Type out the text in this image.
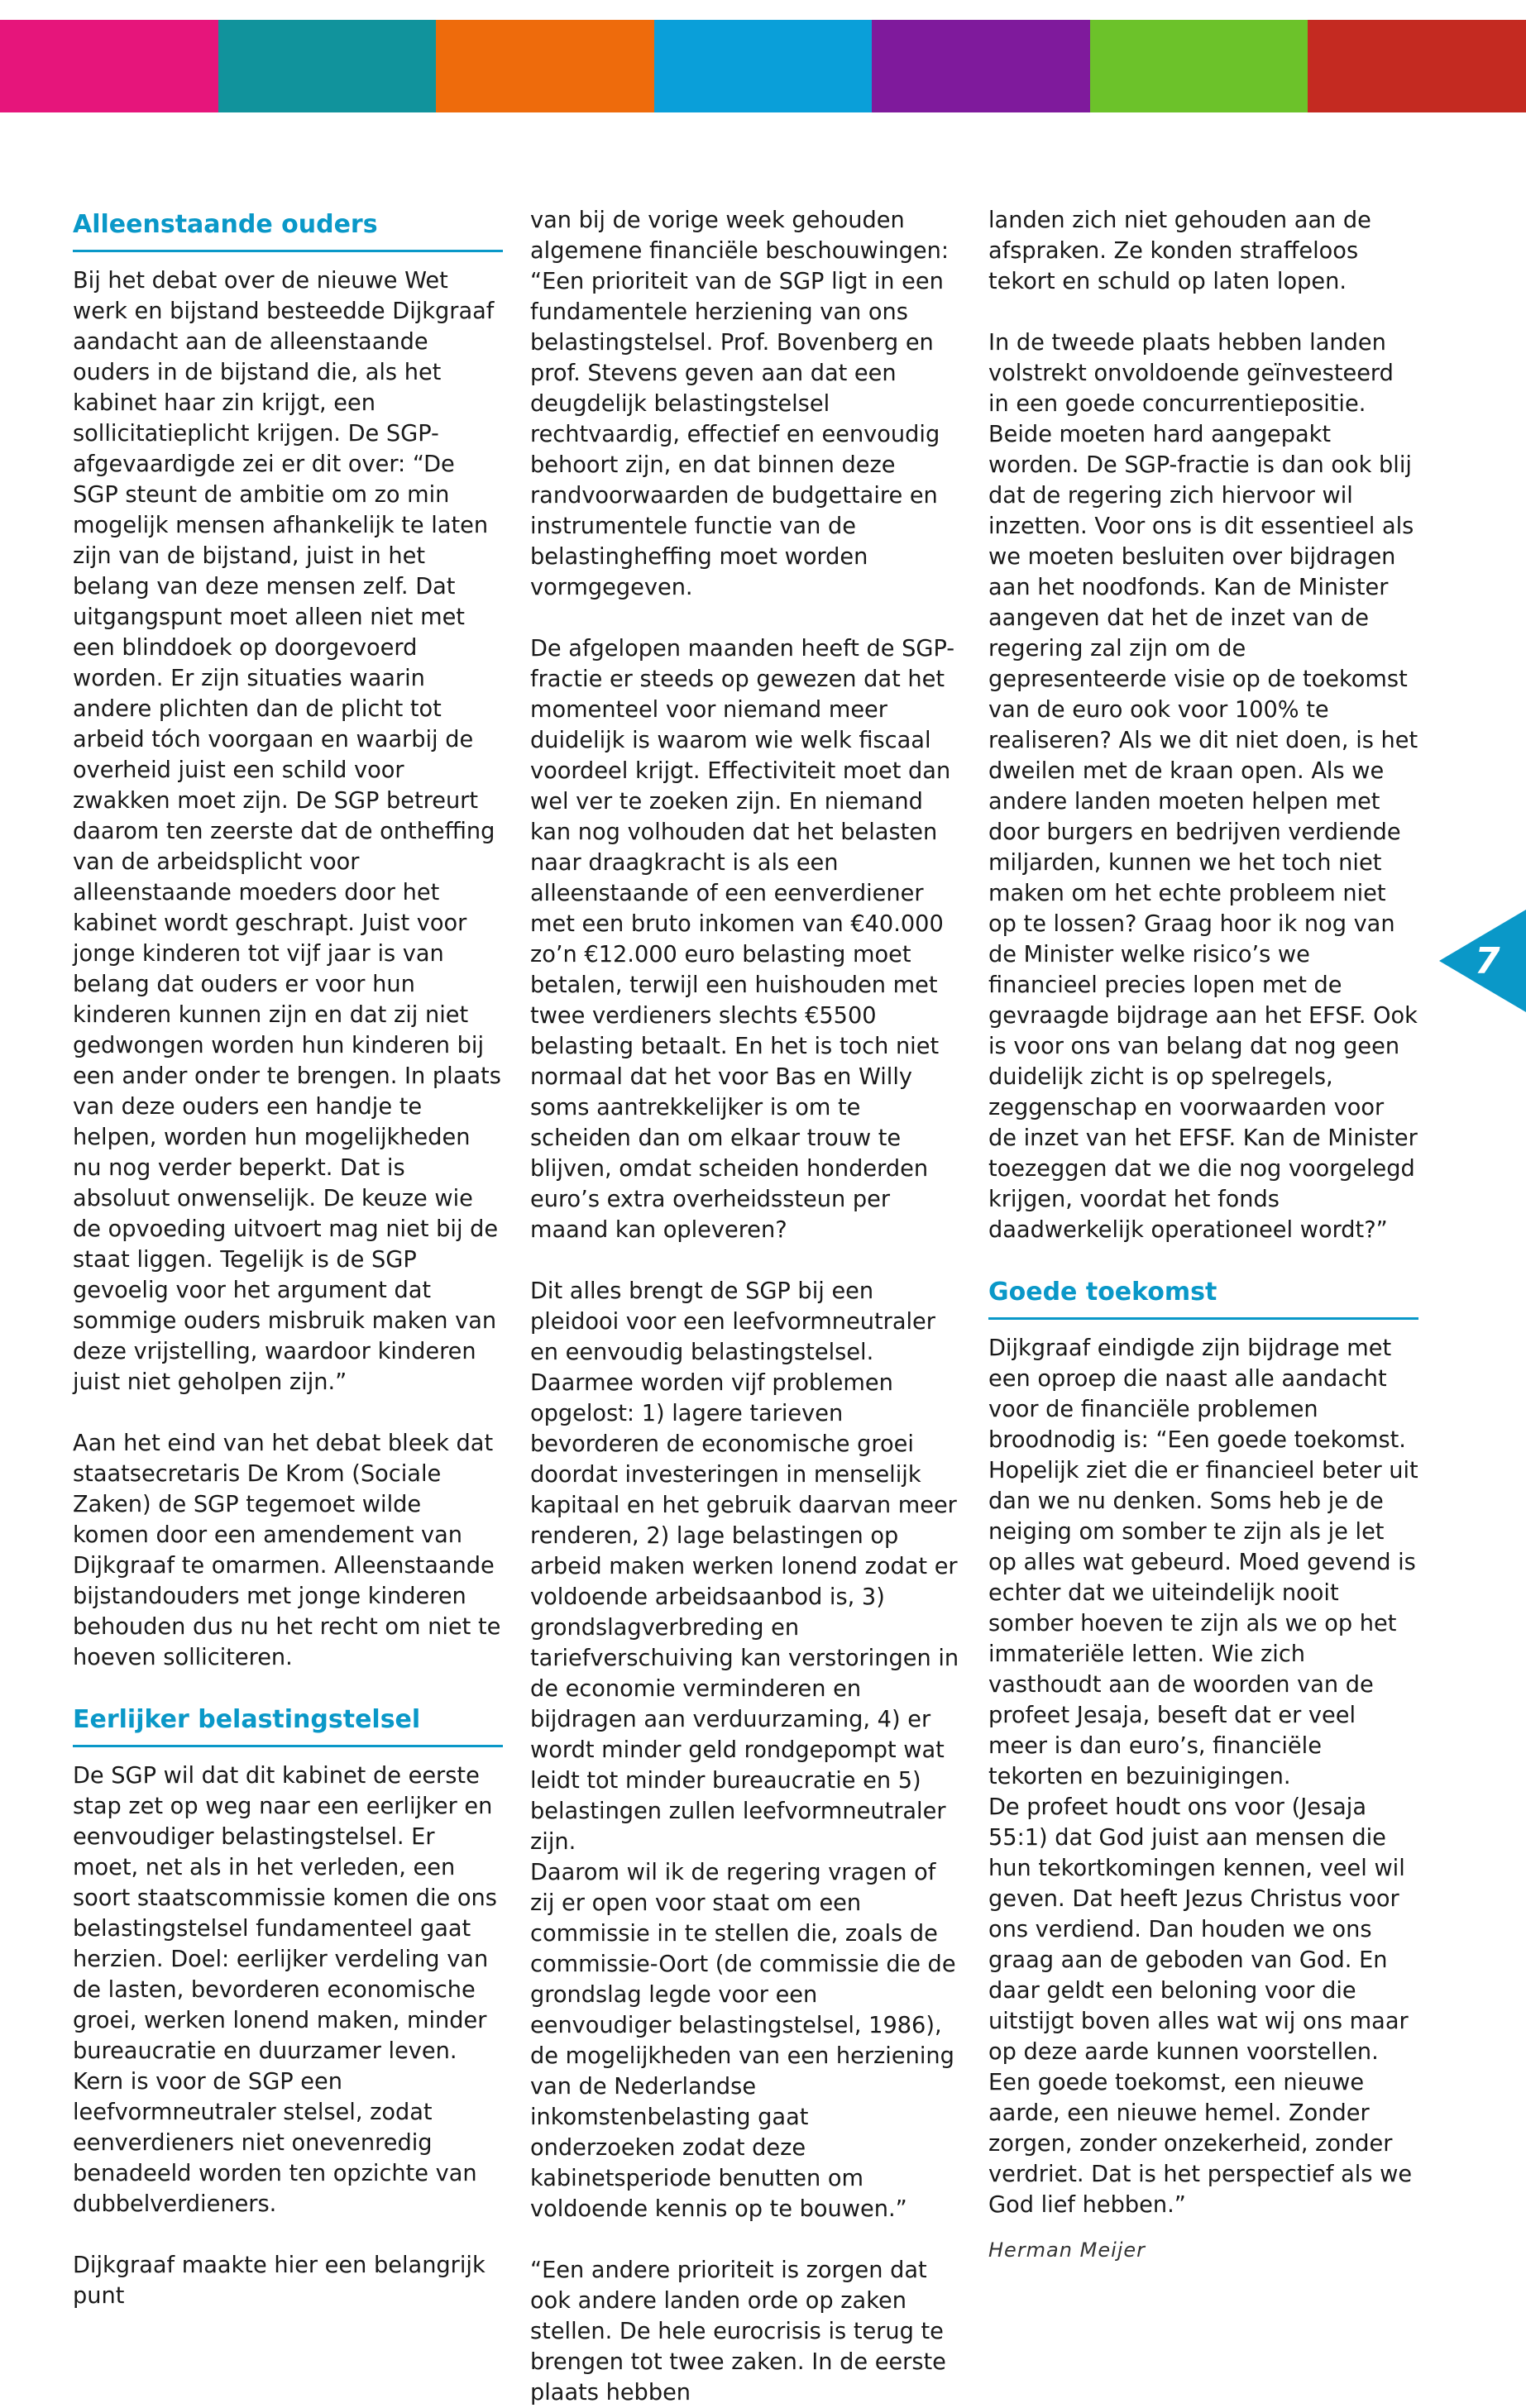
Alleenstaande ouders

Bij het debat over de nieuwe Wet werk en bijstand besteedde Dijkgraaf aandacht aan de alleenstaande ouders in de bijstand die, als het kabinet haar zin krijgt, een sollicitatieplicht krijgen. De SGP-afgevaardigde zei er dit over: “De SGP steunt de ambitie om zo min mogelijk mensen afhankelijk te laten zijn van de bijstand, juist in het belang van deze mensen zelf. Dat uitgangspunt moet alleen niet met een blinddoek op doorgevoerd worden. Er zijn situaties waarin andere plichten dan de plicht tot arbeid tóch voorgaan en waarbij de overheid juist een schild voor zwakken moet zijn. De SGP betreurt daarom ten zeerste dat de ontheffing van de arbeidsplicht voor alleenstaande moeders door het kabinet wordt geschrapt. Juist voor jonge kinderen tot vijf jaar is van belang dat ouders er voor hun kinderen kunnen zijn en dat zij niet gedwongen worden hun kinderen bij een ander onder te brengen. In plaats van deze ouders een handje te helpen, worden hun mogelijkheden nu nog verder beperkt. Dat is absoluut onwenselijk. De keuze wie de opvoeding uitvoert mag niet bij de staat liggen. Tegelijk is de SGP gevoelig voor het argument dat sommige ouders misbruik maken van deze vrijstelling, waardoor kinderen juist niet geholpen zijn.”

Aan het eind van het debat bleek dat staatsecretaris De Krom (Sociale Zaken) de SGP tegemoet wilde komen door een amendement van Dijkgraaf te omarmen. Alleenstaande bijstandouders met jonge kinderen behouden dus nu het recht om niet te hoeven solliciteren.

Eerlijker belastingstelsel

De SGP wil dat dit kabinet de eerste stap zet op weg naar een eerlijker en eenvoudiger belastingstelsel. Er moet, net als in het verleden, een soort staatscommissie komen die ons belastingstelsel fundamenteel gaat herzien. Doel: eerlijker verdeling van de lasten, bevorderen economische groei, werken lonend maken, minder bureaucratie en duurzamer leven. Kern is voor de SGP een leefvormneutraler stelsel, zodat eenverdieners niet onevenredig benadeeld worden ten opzichte van dubbelverdieners.

Dijkgraaf maakte hier een belangrijk punt

van bij de vorige week gehouden algemene financiële beschouwingen: “Een prioriteit van de SGP ligt in een fundamentele herziening van ons belastingstelsel. Prof. Bovenberg en prof. Stevens geven aan dat een deugdelijk belastingstelsel rechtvaardig, effectief en eenvoudig behoort zijn, en dat binnen deze randvoorwaarden de budgettaire en instrumentele functie van de belastingheffing moet worden vormgegeven.

De afgelopen maanden heeft de SGP-fractie er steeds op gewezen dat het momenteel voor niemand meer duidelijk is waarom wie welk fiscaal voordeel krijgt. Effectiviteit moet dan wel ver te zoeken zijn. En niemand kan nog volhouden dat het belasten naar draagkracht is als een alleenstaande of een eenverdiener met een bruto inkomen van €40.000 zo’n €12.000 euro belasting moet betalen, terwijl een huishouden met twee verdieners slechts €5500 belasting betaalt. En het is toch niet normaal dat het voor Bas en Willy soms aantrekkelijker is om te scheiden dan om elkaar trouw te blijven, omdat scheiden honderden euro’s extra overheidssteun per maand kan opleveren?

Dit alles brengt de SGP bij een pleidooi voor een leefvormneutraler en eenvoudig belastingstelsel. Daarmee worden vijf problemen opgelost: 1) lagere tarieven bevorderen de economische groei doordat investeringen in menselijk kapitaal en het gebruik daarvan meer renderen, 2) lage belastingen op arbeid maken werken lonend zodat er voldoende arbeidsaanbod is, 3) grondslagverbreding en tariefverschuiving kan verstoringen in de economie verminderen en bijdragen aan verduurzaming, 4) er wordt minder geld rondgepompt wat leidt tot minder bureaucratie en 5) belastingen zullen leefvormneutraler zijn.

Daarom wil ik de regering vragen of zij er open voor staat om een commissie in te stellen die, zoals de commissie-Oort (de commissie die de grondslag legde voor een eenvoudiger belastingstelsel, 1986), de mogelijkheden van een herziening van de Nederlandse inkomstenbelasting gaat onderzoeken zodat deze kabinetsperiode benutten om voldoende kennis op te bouwen.”

“Een andere prioriteit is zorgen dat ook andere landen orde op zaken stellen. De hele eurocrisis is terug te brengen tot twee zaken. In de eerste plaats hebben

landen zich niet gehouden aan de afspraken. Ze konden straffeloos tekort en schuld op laten lopen.

In de tweede plaats hebben landen volstrekt onvoldoende geïnvesteerd in een goede concurrentiepositie. Beide moeten hard aangepakt worden. De SGP-fractie is dan ook blij dat de regering zich hiervoor wil inzetten. Voor ons is dit essentieel als we moeten besluiten over bijdragen aan het noodfonds. Kan de Minister aangeven dat het de inzet van de regering zal zijn om de gepresenteerde visie op de toekomst van de euro ook voor 100% te realiseren? Als we dit niet doen, is het dweilen met de kraan open. Als we andere landen moeten helpen met door burgers en bedrijven verdiende miljarden, kunnen we het toch niet maken om het echte probleem niet op te lossen? Graag hoor ik nog van de Minister welke risico’s we financieel precies lopen met de gevraagde bijdrage aan het EFSF. Ook is voor ons van belang dat nog geen duidelijk zicht is op spelregels, zeggenschap en voorwaarden voor de inzet van het EFSF. Kan de Minister toezeggen dat we die nog voorgelegd krijgen, voordat het fonds daadwerkelijk operationeel wordt?”

Goede toekomst

Dijkgraaf eindigde zijn bijdrage met een oproep die naast alle aandacht voor de financiële problemen broodnodig is: “Een goede toekomst. Hopelijk ziet die er financieel beter uit dan we nu denken. Soms heb je de neiging om somber te zijn als je let op alles wat gebeurd. Moed gevend is echter dat we uiteindelijk nooit somber hoeven te zijn als we op het immateriële letten. Wie zich vasthoudt aan de woorden van de profeet Jesaja, beseft dat er veel meer is dan euro’s, financiële tekorten en bezuinigingen.

De profeet houdt ons voor (Jesaja 55:1) dat God juist aan mensen die hun tekortkomingen kennen, veel wil geven. Dat heeft Jezus Christus voor ons verdiend. Dan houden we ons graag aan de geboden van God. En daar geldt een beloning voor die uitstijgt boven alles wat wij ons maar op deze aarde kunnen voorstellen. Een goede toekomst, een nieuwe aarde, een nieuwe hemel. Zonder zorgen, zonder onzekerheid, zonder verdriet. Dat is het perspectief als we God lief hebben.”

Herman Meijer
7
